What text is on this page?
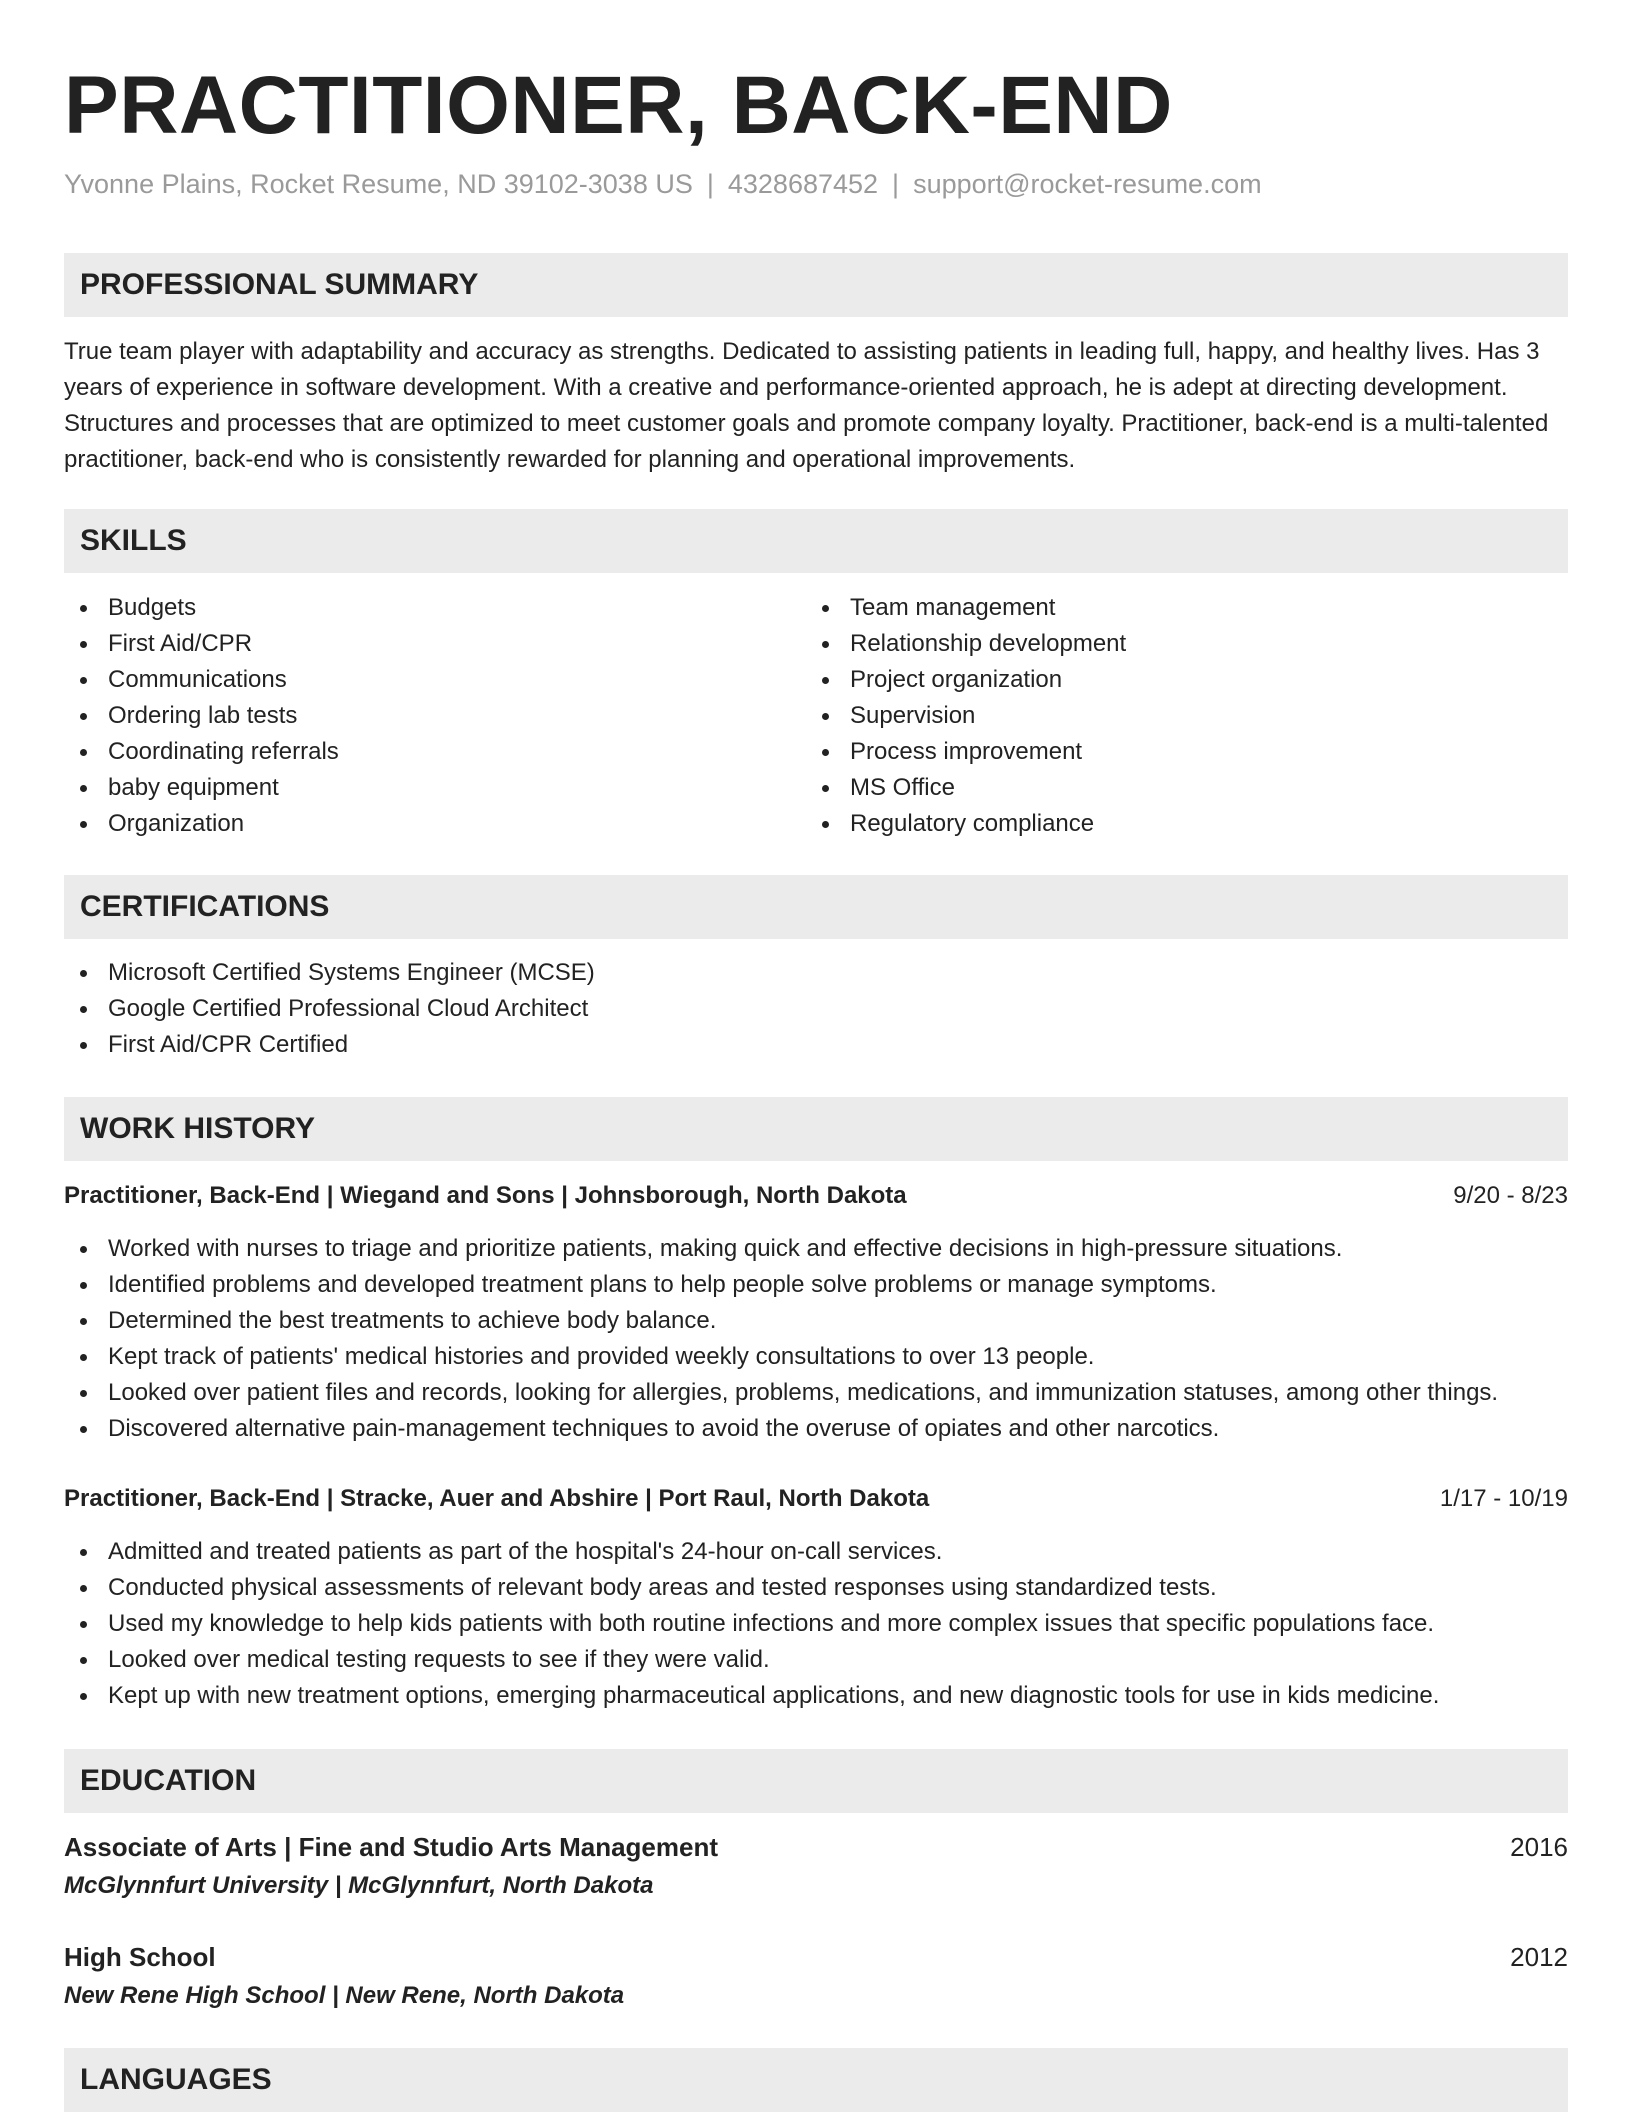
PRACTITIONER, BACK-END
Yvonne Plains, Rocket Resume, ND 39102-3038 US | 4328687452 | support@rocket-resume.com
PROFESSIONAL SUMMARY
True team player with adaptability and accuracy as strengths. Dedicated to assisting patients in leading full, happy, and healthy lives. Has 3 years of experience in software development. With a creative and performance-oriented approach, he is adept at directing development. Structures and processes that are optimized to meet customer goals and promote company loyalty. Practitioner, back-end is a multi-talented practitioner, back-end who is consistently rewarded for planning and operational improvements.
SKILLS
Budgets
First Aid/CPR
Communications
Ordering lab tests
Coordinating referrals
baby equipment
Organization
Team management
Relationship development
Project organization
Supervision
Process improvement
MS Office
Regulatory compliance
CERTIFICATIONS
Microsoft Certified Systems Engineer (MCSE)
Google Certified Professional Cloud Architect
First Aid/CPR Certified
WORK HISTORY
Practitioner, Back-End | Wiegand and Sons | Johnsborough, North Dakota	9/20 - 8/23
Worked with nurses to triage and prioritize patients, making quick and effective decisions in high-pressure situations.
Identified problems and developed treatment plans to help people solve problems or manage symptoms.
Determined the best treatments to achieve body balance.
Kept track of patients' medical histories and provided weekly consultations to over 13 people.
Looked over patient files and records, looking for allergies, problems, medications, and immunization statuses, among other things.
Discovered alternative pain-management techniques to avoid the overuse of opiates and other narcotics.
Practitioner, Back-End | Stracke, Auer and Abshire | Port Raul, North Dakota	1/17 - 10/19
Admitted and treated patients as part of the hospital's 24-hour on-call services.
Conducted physical assessments of relevant body areas and tested responses using standardized tests.
Used my knowledge to help kids patients with both routine infections and more complex issues that specific populations face.
Looked over medical testing requests to see if they were valid.
Kept up with new treatment options, emerging pharmaceutical applications, and new diagnostic tools for use in kids medicine.
EDUCATION
Associate of Arts | Fine and Studio Arts Management	2016
McGlynnfurt University | McGlynnfurt, North Dakota
High School	2012
New Rene High School | New Rene, North Dakota
LANGUAGES
